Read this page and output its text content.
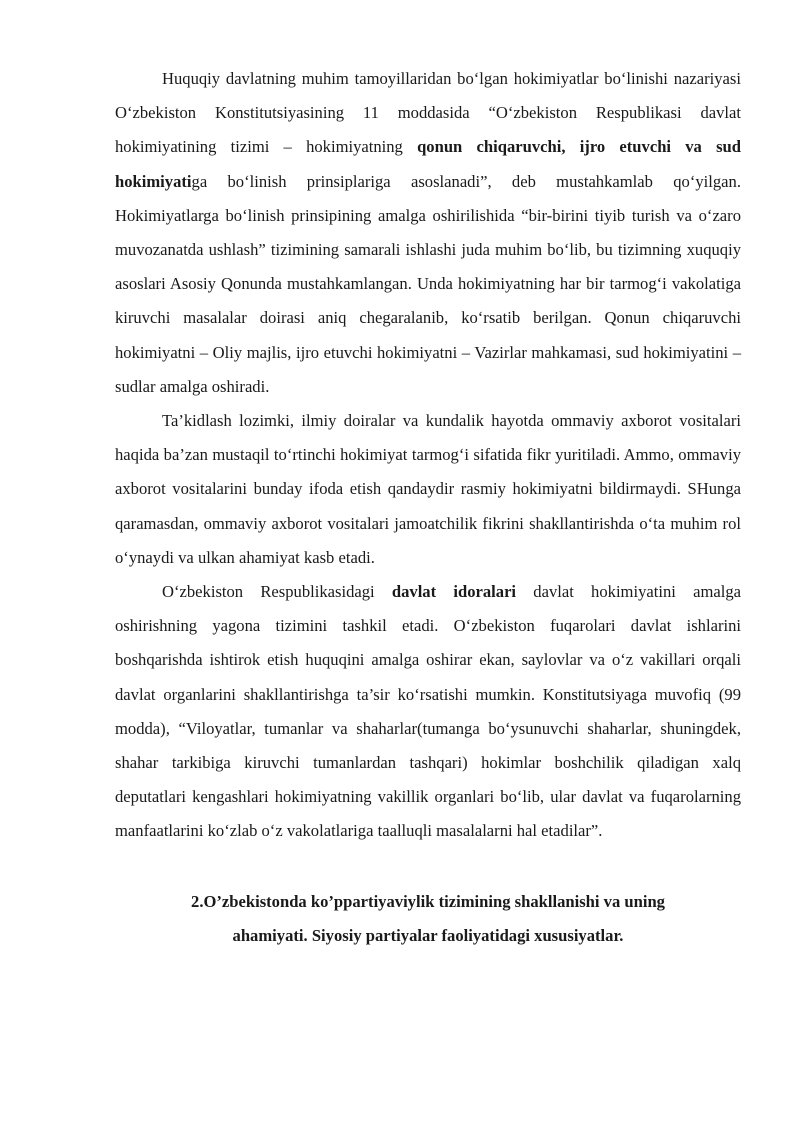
Huquqiy davlatning muhim tamoyillaridan bo‘lgan hokimiyatlar bo‘linishi nazariyasi O‘zbekiston Konstitutsiyasining 11 moddasida “O‘zbekiston Respublikasi davlat hokimiyatining tizimi – hokimiyatning qonun chiqaruvchi, ijro etuvchi va sud hokimiyatiga bo‘linish prinsiplariga asoslanadi”, deb mustahkamlab qo‘yilgan. Hokimiyatlarga bo‘linish prinsipining amalga oshirilishida “bir-birini tiyib turish va o‘zaro muvozanatda ushlash” tizimining samarali ishlashi juda muhim bo‘lib, bu tizimning xuquqiy asoslari Asosiy Qonunda mustahkamlangan. Unda hokimiyatning har bir tarmog‘i vakolatiga kiruvchi masalalar doirasi aniq chegaralanib, ko‘rsatib berilgan. Qonun chiqaruvchi hokimiyatni – Oliy majlis, ijro etuvchi hokimiyatni – Vazirlar mahkamasi, sud hokimiyatini – sudlar amalga oshiradi.

Ta’kidlash lozimki, ilmiy doiralar va kundalik hayotda ommaviy axborot vositalari haqida ba’zan mustaqil to‘rtinchi hokimiyat tarmog‘i sifatida fikr yuritiladi. Ammo, ommaviy axborot vositalarini bunday ifoda etish qandaydir rasmiy hokimiyatni bildirmaydi. SHunga qaramasdan, ommaviy axborot vositalari jamoatchilik fikrini shakllantirishda o‘ta muhim rol o‘ynaydi va ulkan ahamiyat kasb etadi.

O‘zbekiston Respublikasidagi davlat idoralari davlat hokimiyatini amalga oshirishning yagona tizimini tashkil etadi. O‘zbekiston fuqarolari davlat ishlarini boshqarishda ishtirok etish huquqini amalga oshirar ekan, saylovlar va o‘z vakillari orqali davlat organlarini shakllantirishga ta’sir ko‘rsatishi mumkin. Konstitutsiyaga muvofiq (99 modda), “Viloyatlar, tumanlar va shaharlar(tumanga bo‘ysunuvchi shaharlar, shuningdek, shahar tarkibiga kiruvchi tumanlardan tashqari) hokimlar boshchilik qiladigan xalq deputatlari kengashlari hokimiyatning vakillik organlari bo‘lib, ular davlat va fuqarolarning manfaatlarini ko‘zlab o‘z vakolatlariga taalluqli masalalarni hal etadilar”.

2.O’zbekistonda ko’ppartiyaviylik tizimining shakllanishi va uning
ahamiyati. Siyosiy partiyalar faoliyatidagi xususiyatlar.
